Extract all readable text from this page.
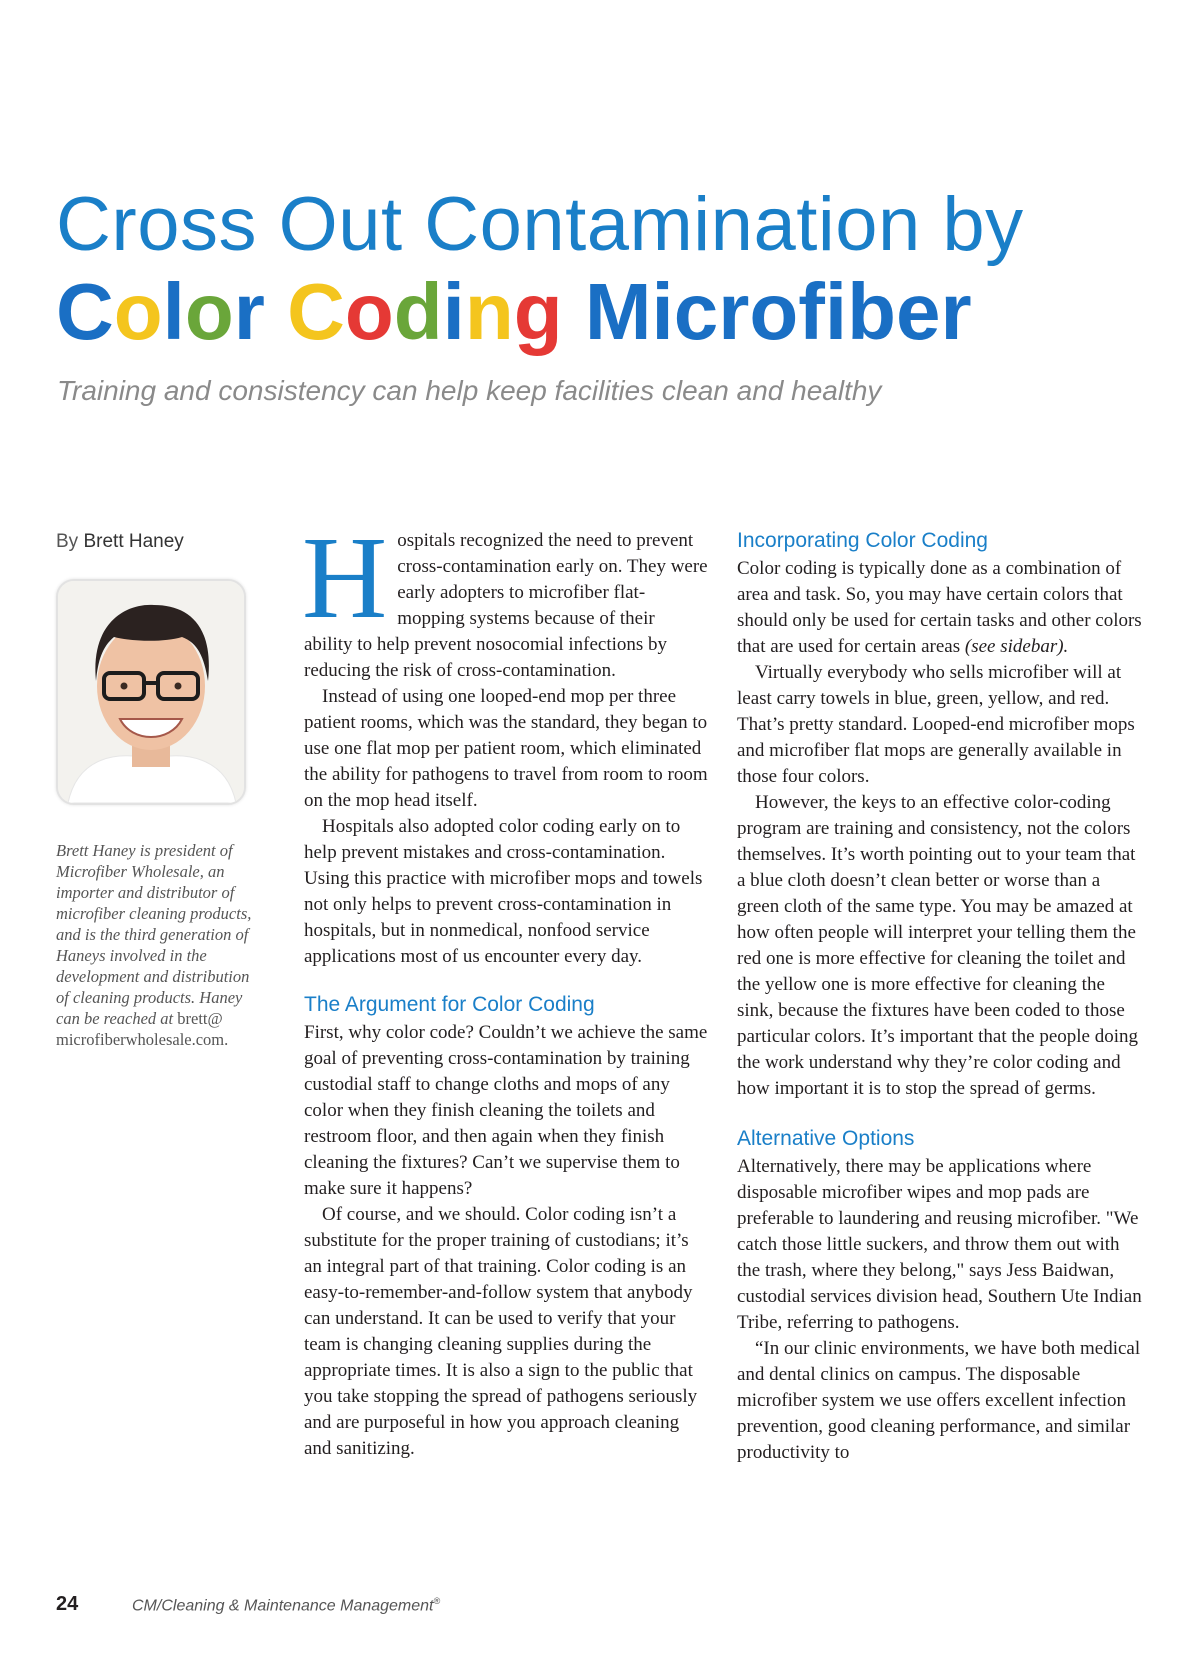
Cross Out Contamination by
Color Coding Microfiber
Training and consistency can help keep facilities clean and healthy
By Brett Haney
Brett Haney is president of Microfiber Wholesale, an importer and distributor of microfiber cleaning products, and is the third generation of Haneys involved in the development and distribution of cleaning products. Haney can be reached at brett@ microfiberwholesale.com.

Hospitals recognized the need to prevent cross-contamination early on. They were early adopters to microfiber flat-mopping systems because of their ability to help prevent nosocomial infections by reducing the risk of cross-contamination.

Instead of using one looped-end mop per three patient rooms, which was the standard, they began to use one flat mop per patient room, which eliminated the ability for pathogens to travel from room to room on the mop head itself.

Hospitals also adopted color coding early on to help prevent mistakes and cross-contamination. Using this practice with microfiber mops and towels not only helps to prevent cross-contamination in hospitals, but in nonmedical, nonfood service applications most of us encounter every day.

The Argument for Color Coding

First, why color code? Couldn’t we achieve the same goal of preventing cross-contamination by training custodial staff to change cloths and mops of any color when they finish cleaning the toilets and restroom floor, and then again when they finish cleaning the fixtures? Can’t we supervise them to make sure it happens?

Of course, and we should. Color coding isn’t a substitute for the proper training of custodians; it’s an integral part of that training. Color coding is an easy-to-remember-and-follow system that anybody can understand. It can be used to verify that your team is changing cleaning supplies during the appropriate times. It is also a sign to the public that you take stopping the spread of pathogens seriously and are purposeful in how you approach cleaning and sanitizing.

Incorporating Color Coding

Color coding is typically done as a combination of area and task. So, you may have certain colors that should only be used for certain tasks and other colors that are used for certain areas (see sidebar).

Virtually everybody who sells microfiber will at least carry towels in blue, green, yellow, and red. That’s pretty standard. Looped-end microfiber mops and microfiber flat mops are generally available in those four colors.

However, the keys to an effective color-coding program are training and consistency, not the colors themselves. It’s worth pointing out to your team that a blue cloth doesn’t clean better or worse than a green cloth of the same type. You may be amazed at how often people will interpret your telling them the red one is more effective for cleaning the toilet and the yellow one is more effective for cleaning the sink, because the fixtures have been coded to those particular colors. It’s important that the people doing the work understand why they’re color coding and how important it is to stop the spread of germs.

Alternative Options

Alternatively, there may be applications where disposable microfiber wipes and mop pads are preferable to laundering and reusing microfiber. "We catch those little suckers, and throw them out with the trash, where they belong," says Jess Baidwan, custodial services division head, Southern Ute Indian Tribe, referring to pathogens.

“In our clinic environments, we have both medical and dental clinics on campus. The disposable microfiber system we use offers excellent infection prevention, good cleaning performance, and similar productivity to

24	CM/Cleaning & Maintenance Management®
